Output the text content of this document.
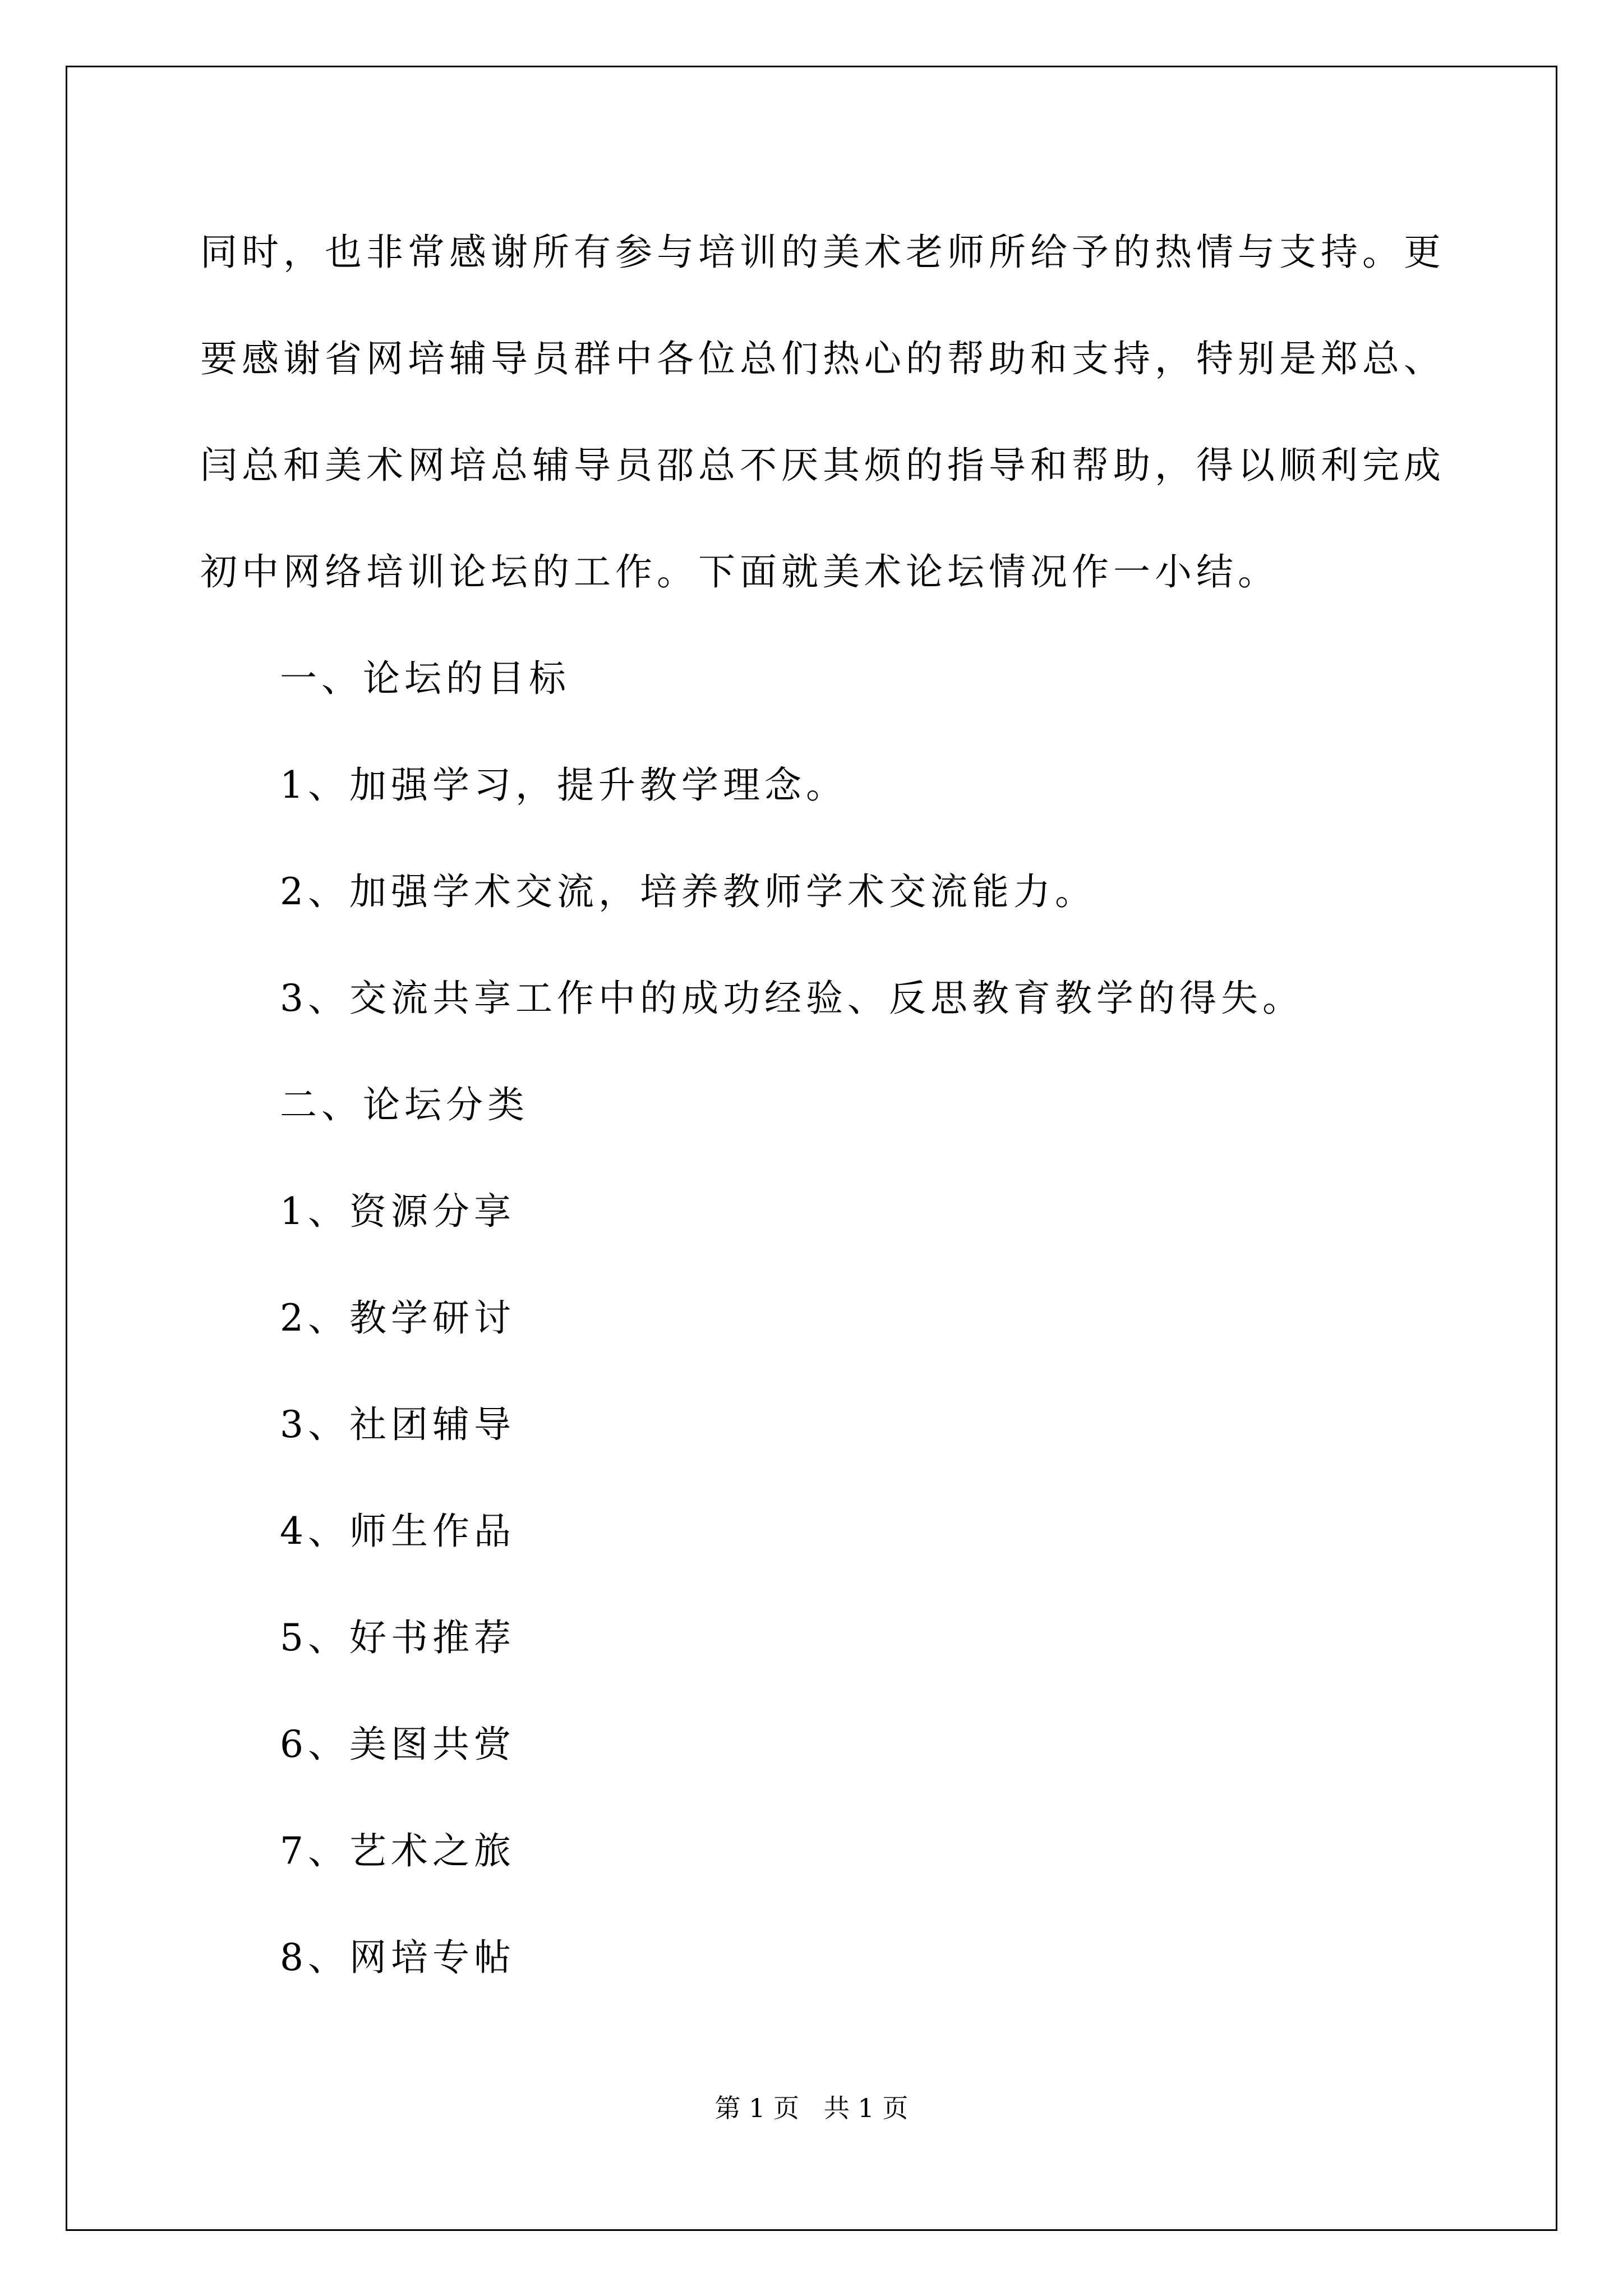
同时，也非常感谢所有参与培训的美术老师所给予的热情与支持。更
要感谢省网培辅导员群中各位总们热心的帮助和支持，特别是郑总、
闫总和美术网培总辅导员邵总不厌其烦的指导和帮助，得以顺利完成
初中网络培训论坛的工作。下面就美术论坛情况作一小结。
一、论坛的目标
1、加强学习，提升教学理念。
2、加强学术交流，培养教师学术交流能力。
3、交流共享工作中的成功经验、反思教育教学的得失。
二、论坛分类
1、资源分享
2、教学研讨
3、社团辅导
4、师生作品
5、好书推荐
6、美图共赏
7、艺术之旅
8、网培专帖
第 1 页   共 1 页
